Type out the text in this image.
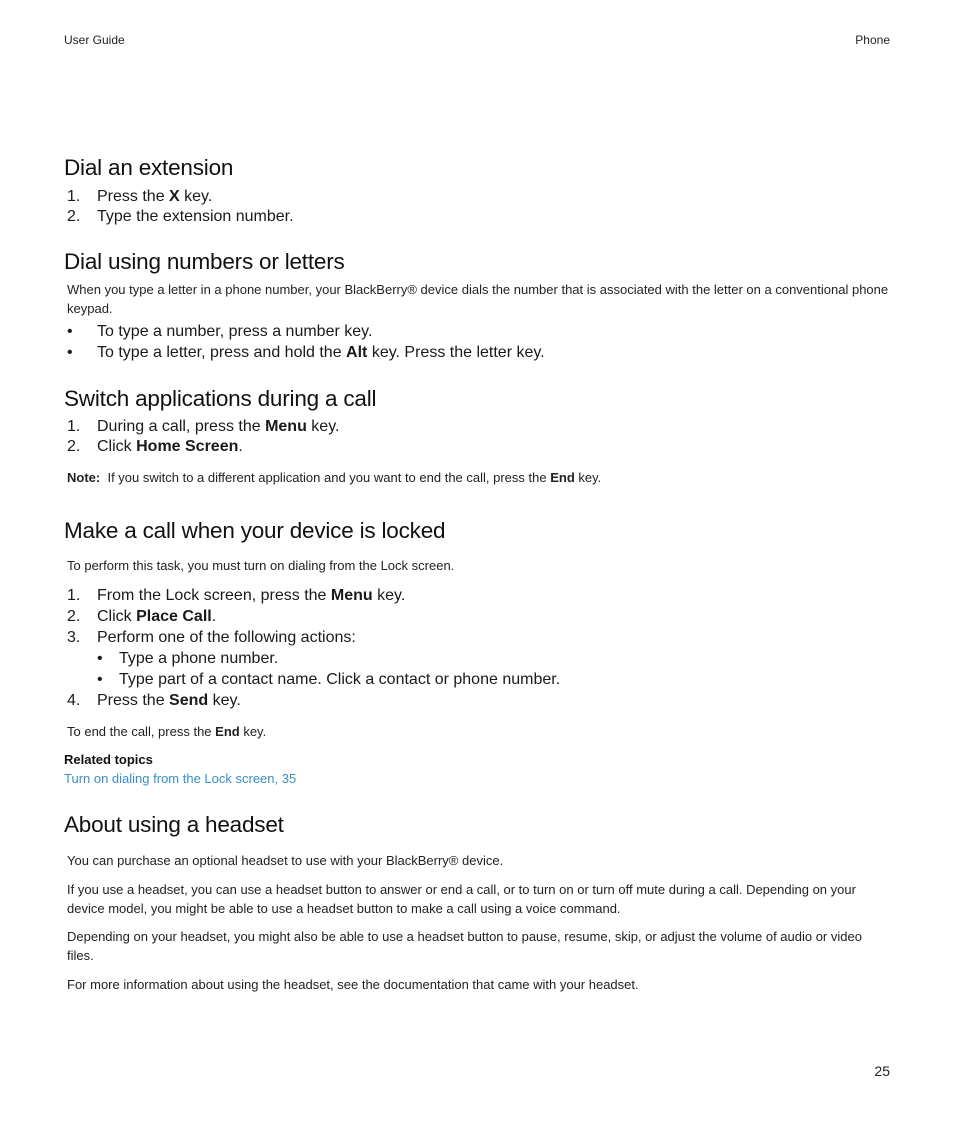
User Guide	Phone
Dial an extension
1.	Press the X key.
2.	Type the extension number.
Dial using numbers or letters

When you type a letter in a phone number, your BlackBerry® device dials the number that is associated with the letter on a conventional phone keypad.

•	To type a number, press a number key.
•	To type a letter, press and hold the Alt key. Press the letter key.
Switch applications during a call
1.	During a call, press the Menu key.
2.	Click Home Screen.
Note: If you switch to a different application and you want to end the call, press the End key.
Make a call when your device is locked

To perform this task, you must turn on dialing from the Lock screen.

1.	From the Lock screen, press the Menu key.
2.	Click Place Call.
3.	Perform one of the following actions:
• Type a phone number.
• Type part of a contact name. Click a contact or phone number.
4.	Press the Send key.

To end the call, press the End key.

Related topics
Turn on dialing from the Lock screen, 35
About using a headset

You can purchase an optional headset to use with your BlackBerry® device.

If you use a headset, you can use a headset button to answer or end a call, or to turn on or turn off mute during a call. Depending on your device model, you might be able to use a headset button to make a call using a voice command.

Depending on your headset, you might also be able to use a headset button to pause, resume, skip, or adjust the volume of audio or video files.

For more information about using the headset, see the documentation that came with your headset.

25
